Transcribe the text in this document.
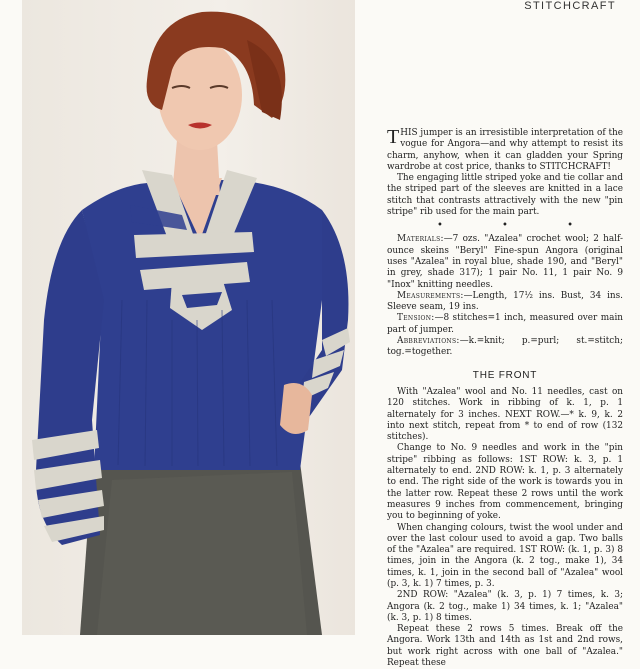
STITCHCRAFT

THIS jumper is an irresistible interpretation of the vogue for Angora—and why attempt to resist its charm, anyhow, when it can gladden your Spring wardrobe at cost price, thanks to STITCHCRAFT!

The engaging little striped yoke and tie collar and the striped part of the sleeves are knitted in a lace stitch that contrasts attractively with the new "pin stripe" rib used for the main part.

• • •

Materials:—7 ozs. "Azalea" crochet wool; 2 half-ounce skeins "Beryl" Fine-spun Angora (original uses "Azalea" in royal blue, shade 190, and "Beryl" in grey, shade 317); 1 pair No. 11, 1 pair No. 9 "Inox" knitting needles.

Measurements:—Length, 17½ ins. Bust, 34 ins. Sleeve seam, 19 ins.

Tension:—8 stitches=1 inch, measured over main part of jumper.

Abbreviations:—k.=knit; p.=purl; st.=stitch; tog.=together.

THE FRONT

With "Azalea" wool and No. 11 needles, cast on 120 stitches. Work in ribbing of k. 1, p. 1 alternately for 3 inches. NEXT ROW.—* k. 9, k. 2 into next stitch, repeat from * to end of row (132 stitches).

Change to No. 9 needles and work in the "pin stripe" ribbing as follows: 1ST ROW: k. 3, p. 1 alternately to end. 2ND ROW: k. 1, p. 3 alternately to end. The right side of the work is towards you in the latter row. Repeat these 2 rows until the work measures 9 inches from commencement, bringing you to beginning of yoke.

When changing colours, twist the wool under and over the last colour used to avoid a gap. Two balls of the "Azalea" are required. 1ST ROW: (k. 1, p. 3) 8 times, join in the Angora (k. 2 tog., make 1), 34 times, k. 1, join in the second ball of "Azalea" wool (p. 3, k. 1) 7 times, p. 3.

2ND ROW: "Azalea" (k. 3, p. 1) 7 times, k. 3; Angora (k. 2 tog., make 1) 34 times, k. 1; "Azalea" (k. 3, p. 1) 8 times.

Repeat these 2 rows 5 times. Break off the Angora. Work 13th and 14th as 1st and 2nd rows, but work right across with one ball of "Azalea." Repeat these
